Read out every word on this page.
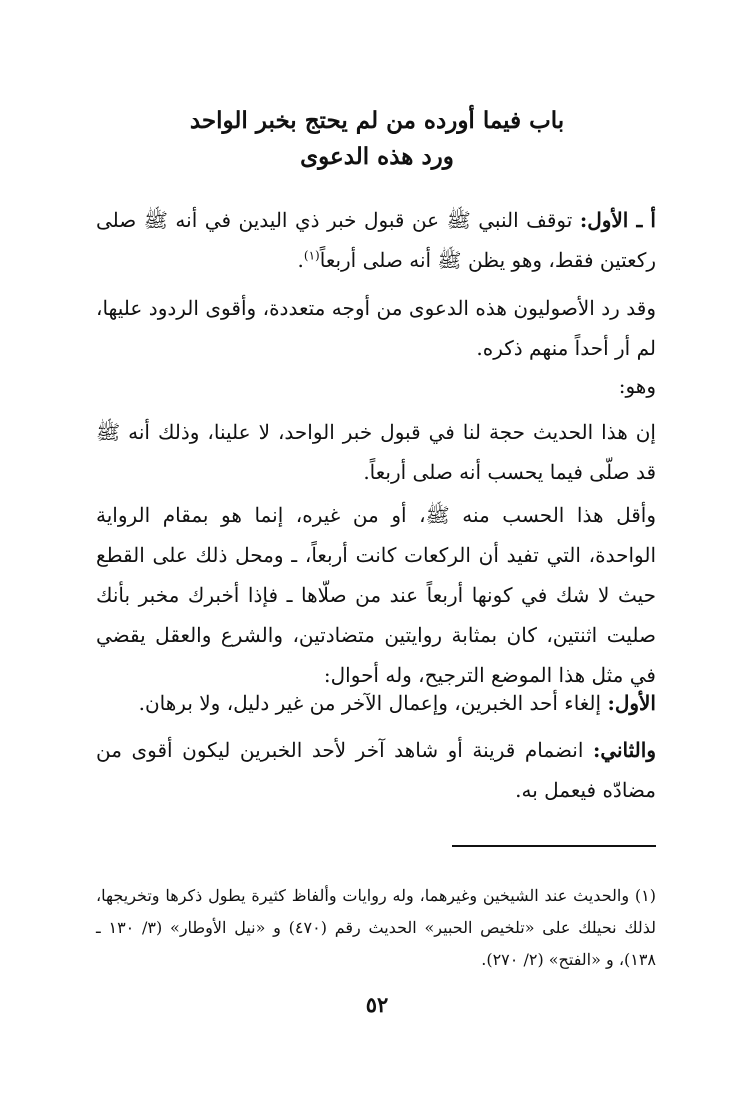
باب فيما أورده من لم يحتج بخبر الواحد
ورد هذه الدعوى
أ ـ الأول: توقف النبي ﷺ عن قبول خبر ذي اليدين في أنه ﷺ صلى ركعتين فقط، وهو يظن ﷺ أنه صلى أربعاً$^{(١)}$.
وقد رد الأصوليون هذه الدعوى من أوجه متعددة، وأقوى الردود عليها، لم أر أحداً منهم ذكره.
وهو:
إن هذا الحديث حجة لنا في قبول خبر الواحد، لا علينا، وذلك أنه ﷺ قد صلّى فيما يحسب أنه صلى أربعاً.
وأقل هذا الحسب منه ﷺ، أو من غيره، إنما هو بمقام الرواية الواحدة، التي تفيد أن الركعات كانت أربعاً، ـ ومحل ذلك على القطع حيث لا شك في كونها أربعاً عند من صلّاها ـ فإذا أخبرك مخبر بأنك صليت اثنتين، كان بمثابة روايتين متضادتين، والشرع والعقل يقضي في مثل هذا الموضع الترجيح، وله أحوال:
الأول: إلغاء أحد الخبرين، وإعمال الآخر من غير دليل، ولا برهان.
والثاني: انضمام قرينة أو شاهد آخر لأحد الخبرين ليكون أقوى من مضادّه فيعمل به.
(١) والحديث عند الشيخين وغيرهما، وله روايات وألفاظ كثيرة يطول ذكرها وتخريجها، لذلك نحيلك على «تلخيص الحبير» الحديث رقم (٤٧٠) و «نيل الأوطار» (٣/ ١٣٠ ـ ١٣٨)، و «الفتح» (٢/ ٢٧٠).
٥٢
